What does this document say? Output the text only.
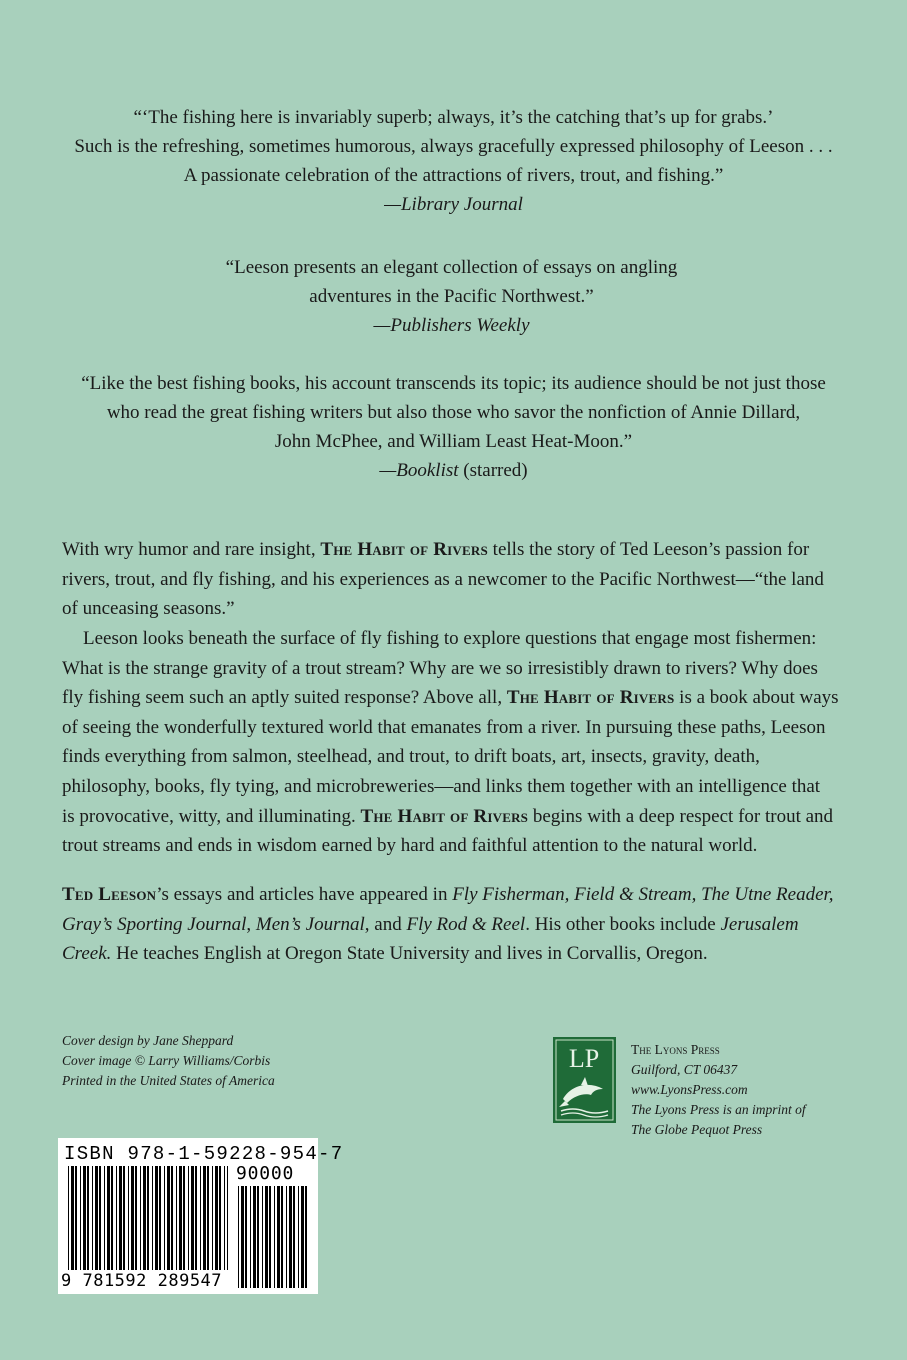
“‘The fishing here is invariably superb; always, it’s the catching that’s up for grabs.’
Such is the refreshing, sometimes humorous, always gracefully expressed philosophy of Leeson . . .
A passionate celebration of the attractions of rivers, trout, and fishing.”
—Library Journal
“Leeson presents an elegant collection of essays on angling
adventures in the Pacific Northwest.”
—Publishers Weekly
“Like the best fishing books, his account transcends its topic; its audience should be not just those
who read the great fishing writers but also those who savor the nonfiction of Annie Dillard,
John McPhee, and William Least Heat-Moon.”
—Booklist (starred)
With wry humor and rare insight, The Habit of Rivers tells the story of Ted Leeson’s passion for
rivers, trout, and fly fishing, and his experiences as a newcomer to the Pacific Northwest—“the land
of unceasing seasons.”
Leeson looks beneath the surface of fly fishing to explore questions that engage most fishermen:
What is the strange gravity of a trout stream? Why are we so irresistibly drawn to rivers? Why does
fly fishing seem such an aptly suited response? Above all, The Habit of Rivers is a book about ways
of seeing the wonderfully textured world that emanates from a river. In pursuing these paths, Leeson
finds everything from salmon, steelhead, and trout, to drift boats, art, insects, gravity, death,
philosophy, books, fly tying, and microbreweries—and links them together with an intelligence that
is provocative, witty, and illuminating. The Habit of Rivers begins with a deep respect for trout and
trout streams and ends in wisdom earned by hard and faithful attention to the natural world.
Ted Leeson’s essays and articles have appeared in Fly Fisherman, Field & Stream, The Utne Reader,
Gray’s Sporting Journal, Men’s Journal, and Fly Rod & Reel. His other books include Jerusalem
Creek. He teaches English at Oregon State University and lives in Corvallis, Oregon.
Cover design by Jane Sheppard
Cover image © Larry Williams/Corbis
Printed in the United States of America
LP The Lyons Press
Guilford, CT 06437
www.LyonsPress.com
The Lyons Press is an imprint of
The Globe Pequot Press
ISBN 978-1-59228-954-7
90000
9 781592 289547
